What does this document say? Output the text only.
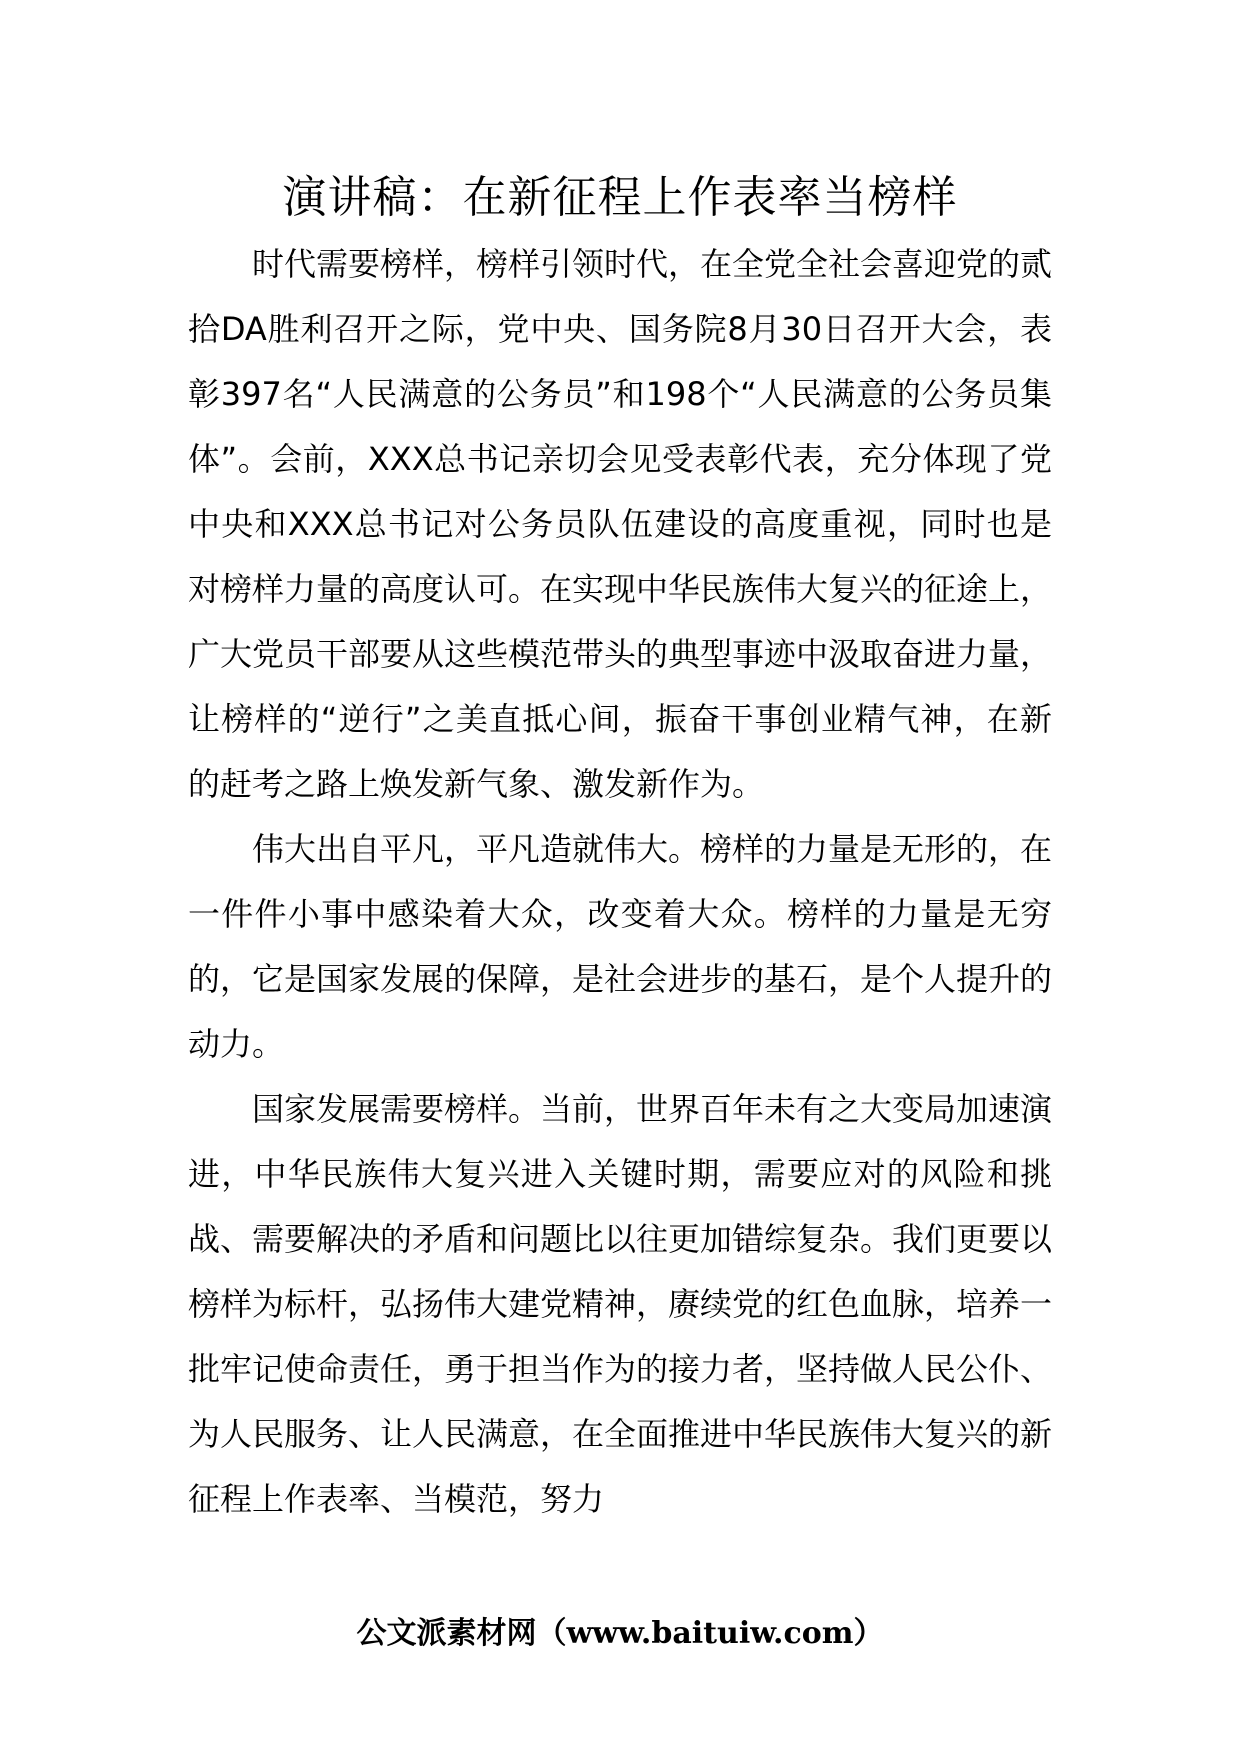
演讲稿：在新征程上作表率当榜样

时代需要榜样，榜样引领时代，在全党全社会喜迎党的贰拾DA胜利召开之际，党中央、国务院8月30日召开大会，表彰397名“人民满意的公务员”和198个“人民满意的公务员集体”。会前，XXX总书记亲切会见受表彰代表，充分体现了党中央和XXX总书记对公务员队伍建设的高度重视，同时也是对榜样力量的高度认可。在实现中华民族伟大复兴的征途上，广大党员干部要从这些模范带头的典型事迹中汲取奋进力量，让榜样的“逆行”之美直抵心间，振奋干事创业精气神，在新的赶考之路上焕发新气象、激发新作为。

伟大出自平凡，平凡造就伟大。榜样的力量是无形的，在一件件小事中感染着大众，改变着大众。榜样的力量是无穷的，它是国家发展的保障，是社会进步的基石，是个人提升的动力。

国家发展需要榜样。当前，世界百年未有之大变局加速演进，中华民族伟大复兴进入关键时期，需要应对的风险和挑战、需要解决的矛盾和问题比以往更加错综复杂。我们更要以榜样为标杆，弘扬伟大建党精神，赓续党的红色血脉，培养一批牢记使命责任，勇于担当作为的接力者，坚持做人民公仆、为人民服务、让人民满意，在全面推进中华民族伟大复兴的新征程上作表率、当模范，努力

公文派素材网（www.baituiw.com）
